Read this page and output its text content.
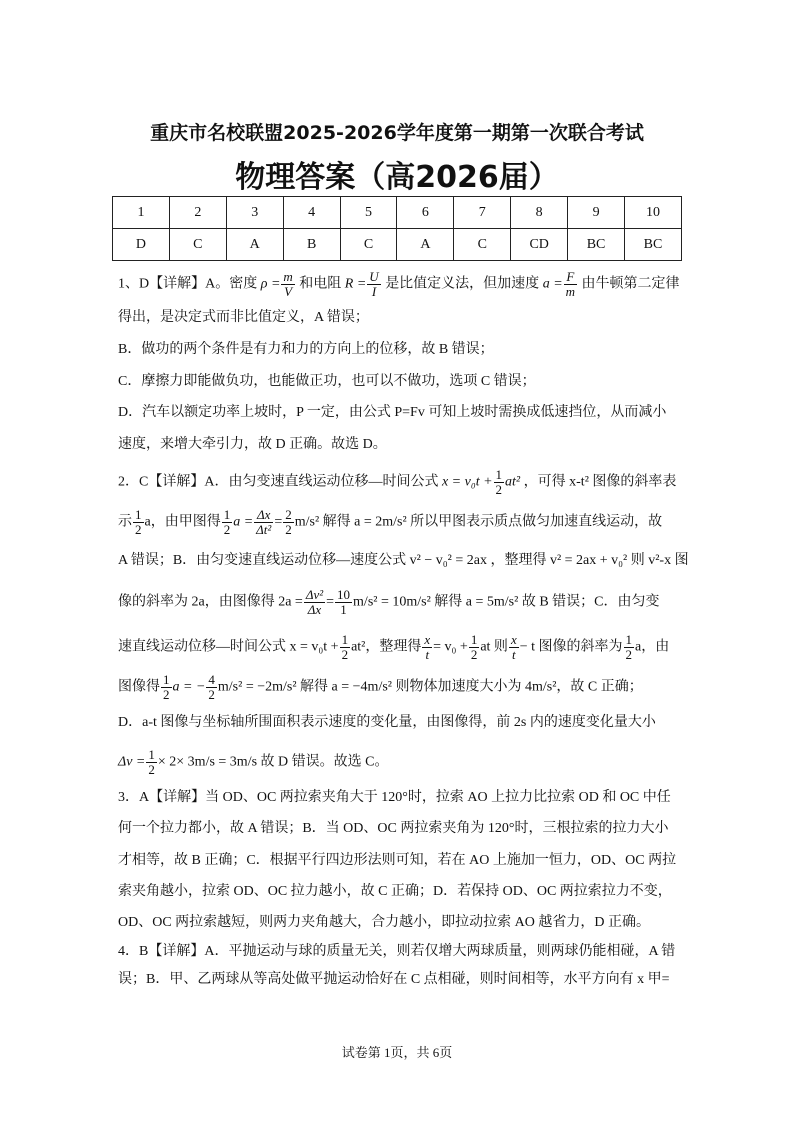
重庆市名校联盟2025-2026学年度第一期第一次联合考试
物理答案（高2026届）
1	2	3	4	5	6	7	8	9	10
D	C	A	B	C	A	C	CD	BC	BC
1、D【详解】A。密度 $\rho = \frac{m}{V}$ 和电阻 $R = \frac{U}{I}$ 是比值定义法，但加速度 $a = \frac{F}{m}$ 由牛顿第二定律
得出，是决定式而非比值定义，A 错误；
B．做功的两个条件是有力和力的方向上的位移，故 B 错误；
C．摩擦力即能做负功，也能做正功，也可以不做功，选项 C 错误；
D．汽车以额定功率上坡时，P 一定，由公式 P=Fv 可知上坡时需换成低速挡位，从而减小
速度，来增大牵引力，故 D 正确。故选 D。
2．C【详解】A．由匀变速直线运动位移—时间公式 $x = v_0t + \frac{1}{2} at^2$ ，可得 x-t² 图像的斜率表
示 $\frac{1}{2}$ a，由甲图得 $\frac{1}{2}$ $a = \frac{\Delta x}{\text{Δt²}} = \frac{2}{2} m/s^2$ 解得 a = 2m/s² 所以甲图表示质点做匀加速直线运动，故
A 错误；B．由匀变速直线运动位移—速度公式 v² − v₀² = 2ax ，整理得 v² = 2ax + v₀² 则 v²-x 图
像的斜率为 2a，由图像得 $2a = \frac{\text{Δv²}}{\Delta x} = \frac{10}{1} m/s^2 = 10m/s^2$ 解得 a = 5m/s² 故 B 错误；C．由匀变
速直线运动位移—时间公式 $x = v_0t + \frac{1}{2} at^2$，整理得 $\frac{x}{t} = v_0 + \frac{1}{2}$ at 则 $\frac{x}{t} - t$ 图像的斜率为 $\frac{1}{2}$ a，由
图像得 $\frac{1}{2}$ a = − $\frac{4}{2} m/s^2 = -2m/s^2$ 解得 a = −4m/s² 则物体加速度大小为 4m/s²，故 C 正确；
D．a-t 图像与坐标轴所围面积表示速度的变化量，由图像得，前 2s 内的速度变化量大小
$\Delta v = \frac{1}{2} \times 2\times 3m/s = 3m/s$ 故 D 错误。故选 C。
3．A【详解】当 OD、OC 两拉索夹角大于 120°时，拉索 AO 上拉力比拉索 OD 和 OC 中任
何一个拉力都小，故 A 错误；B．当 OD、OC 两拉索夹角为 120°时，三根拉索的拉力大小
才相等，故 B 正确；C．根据平行四边形法则可知，若在 AO 上施加一恒力，OD、OC 两拉
索夹角越小，拉索 OD、OC 拉力越小，故 C 正确；D．若保持 OD、OC 两拉索拉力不变，
OD、OC 两拉索越短，则两力夹角越大，合力越小，即拉动拉索 AO 越省力，D 正确。
4．B【详解】A．平抛运动与球的质量无关，则若仅增大两球质量，则两球仍能相碰，A 错
误；B．甲、乙两球从等高处做平抛运动恰好在 C 点相碰，则时间相等，水平方向有 x 甲=
试卷第 1页，共 6页
